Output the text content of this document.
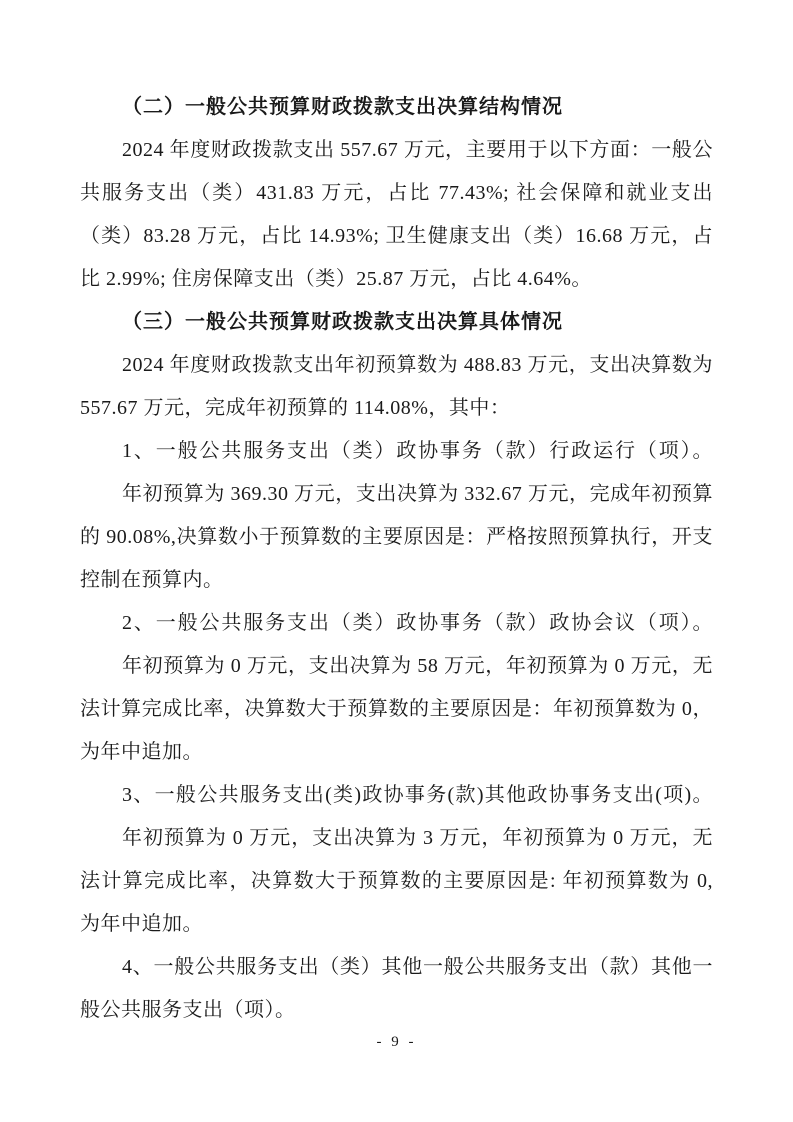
（二）一般公共预算财政拨款支出决算结构情况

2024 年度财政拨款支出 557.67 万元，主要用于以下方面：一般公共服务支出（类）431.83 万元，占比 77.43%; 社会保障和就业支出（类）83.28 万元，占比 14.93%; 卫生健康支出（类）16.68 万元，占比 2.99%; 住房保障支出（类）25.87 万元，占比 4.64%。

（三）一般公共预算财政拨款支出决算具体情况

2024 年度财政拨款支出年初预算数为 488.83 万元，支出决算数为 557.67 万元，完成年初预算的 114.08%，其中：

1、一般公共服务支出（类）政协事务（款）行政运行（项）。

年初预算为 369.30 万元，支出决算为 332.67 万元，完成年初预算的 90.08%,决算数小于预算数的主要原因是：严格按照预算执行，开支控制在预算内。

2、一般公共服务支出（类）政协事务（款）政协会议（项）。

年初预算为 0 万元，支出决算为 58 万元，年初预算为 0 万元，无法计算完成比率，决算数大于预算数的主要原因是：年初预算数为 0，为年中追加。

3、一般公共服务支出(类)政协事务(款)其他政协事务支出(项)。

年初预算为 0 万元，支出决算为 3 万元，年初预算为 0 万元，无法计算完成比率，决算数大于预算数的主要原因是: 年初预算数为 0, 为年中追加。

4、一般公共服务支出（类）其他一般公共服务支出（款）其他一般公共服务支出（项）。

- 9 -
